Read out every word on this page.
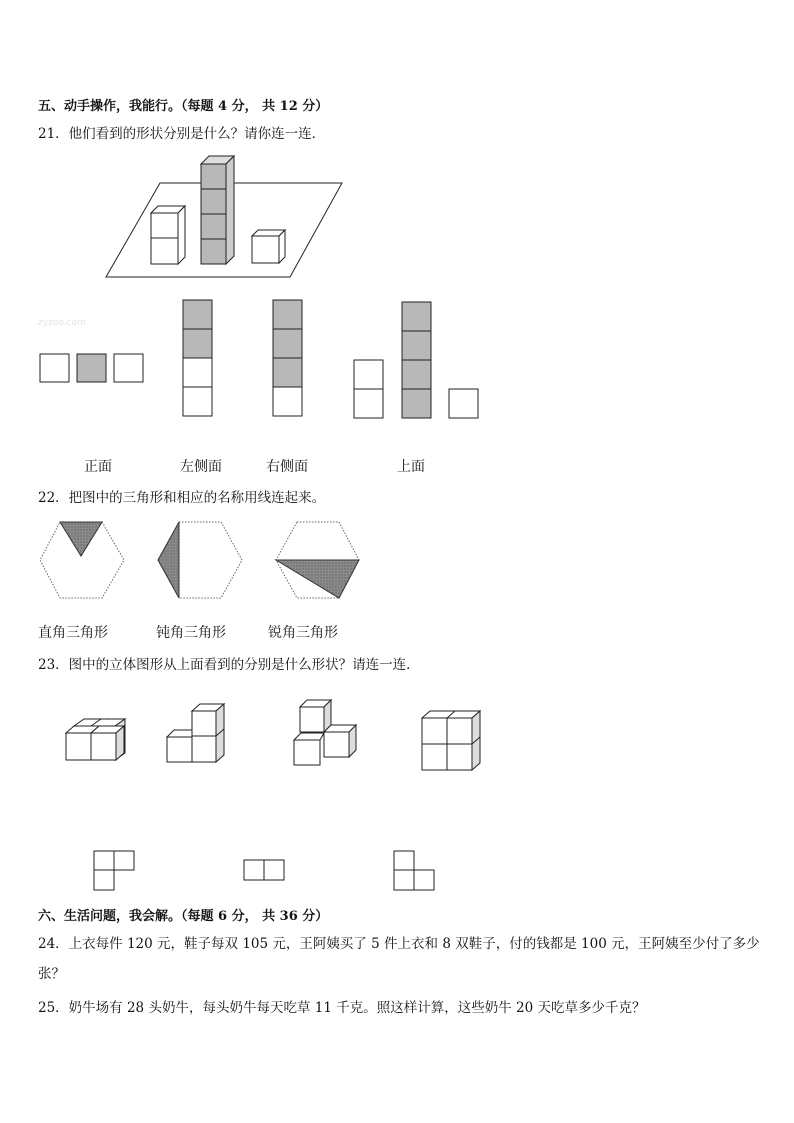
五、动手操作，我能行。（每题 4 分， 共 12 分）
21．他们看到的形状分别是什么？请你连一连．
zyzoo.com
正面	左侧面	右侧面	上面
22．把图中的三角形和相应的名称用线连起来。
直角三角形	钝角三角形	锐角三角形
23．图中的立体图形从上面看到的分别是什么形状？请连一连．
六、生活问题，我会解。（每题 6 分， 共 36 分）
24．上衣每件 120 元，鞋子每双 105 元，王阿姨买了 5 件上衣和 8 双鞋子，付的钱都是 100 元，王阿姨至少付了多少
张？
25．奶牛场有 28 头奶牛，每头奶牛每天吃草 11 千克。照这样计算，这些奶牛 20 天吃草多少千克？
